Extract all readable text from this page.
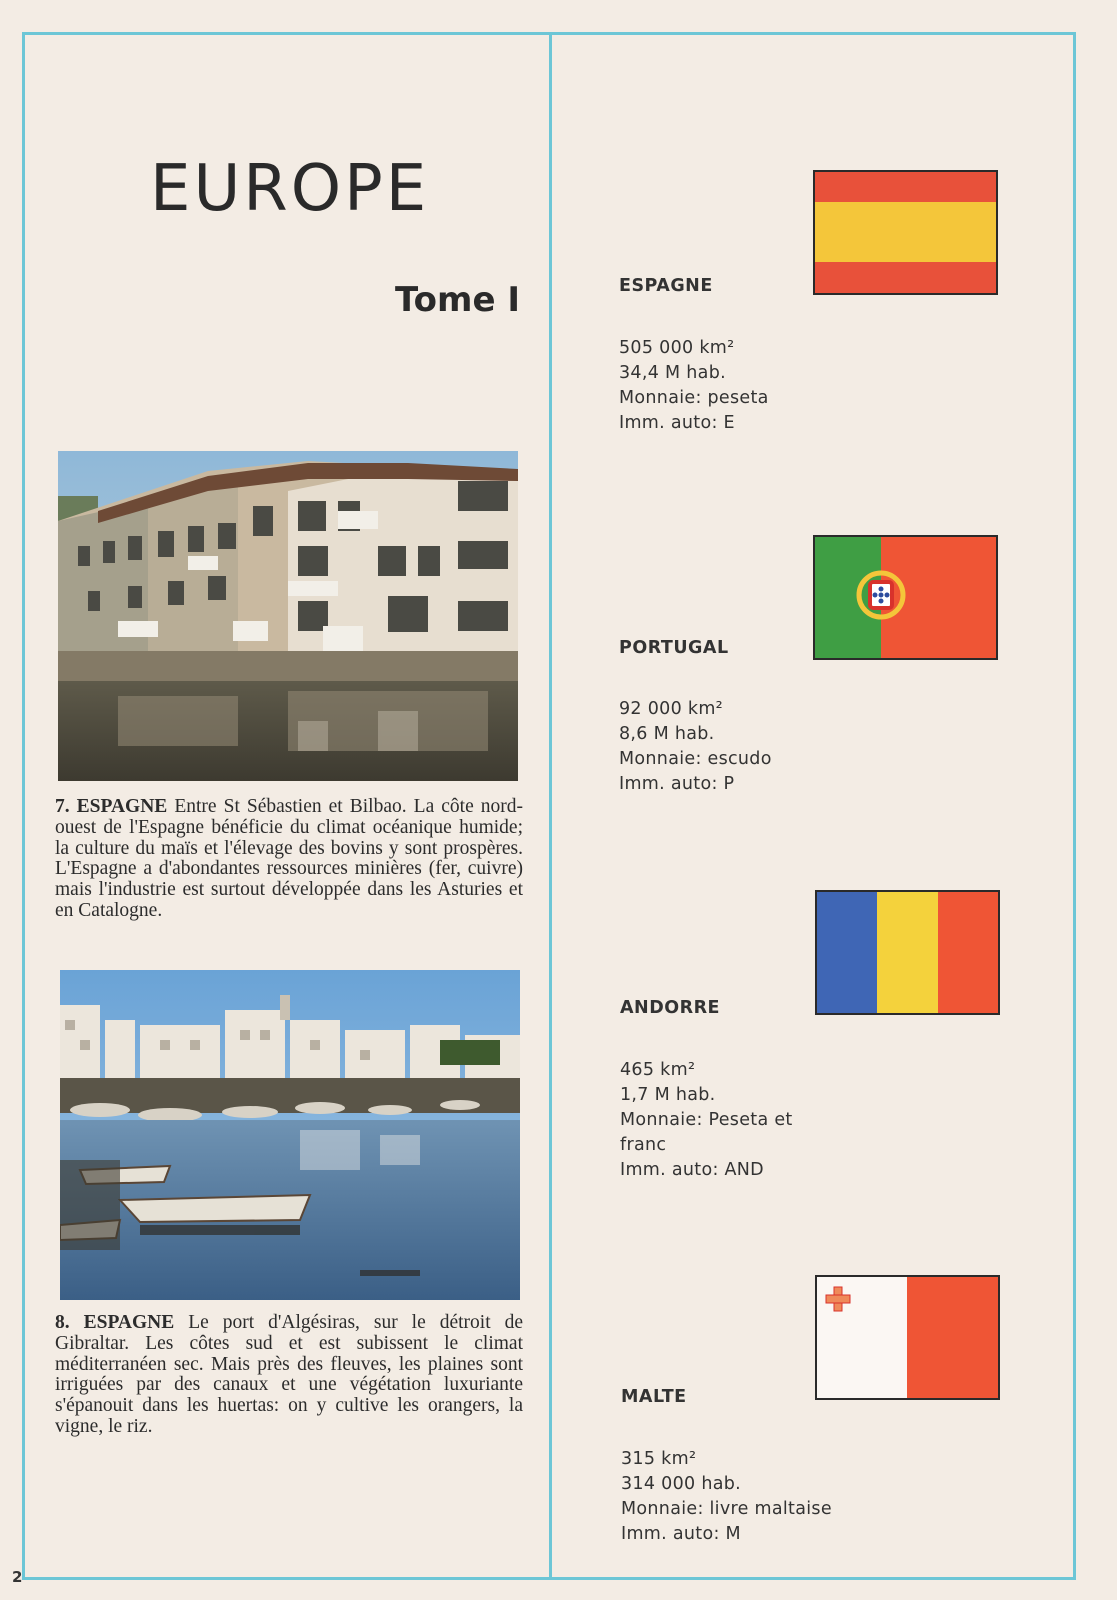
EUROPE
Tome I
7. ESPAGNE Entre St Sébastien et Bilbao. La côte nord-ouest de l'Espagne bénéficie du climat océanique humide; la culture du maïs et l'élevage des bovins y sont prospères. L'Espagne a d'abondantes ressources minières (fer, cuivre) mais l'industrie est surtout développée dans les Asturies et en Catalogne.
8. ESPAGNE Le port d'Algésiras, sur le détroit de Gibraltar. Les côtes sud et est subissent le climat méditerranéen sec. Mais près des fleuves, les plaines sont irriguées par des canaux et une végétation luxuriante s'épanouit dans les huertas: on y cultive les orangers, la vigne, le riz.
ESPAGNE
505 000 km²
34,4 M hab.
Monnaie: peseta
Imm. auto: E
PORTUGAL
92 000 km²
8,6 M hab.
Monnaie: escudo
Imm. auto: P
ANDORRE
465 km²
1,7 M hab.
Monnaie: Peseta et
franc
Imm. auto: AND
MALTE
315 km²
314 000 hab.
Monnaie: livre maltaise
Imm. auto: M
2
